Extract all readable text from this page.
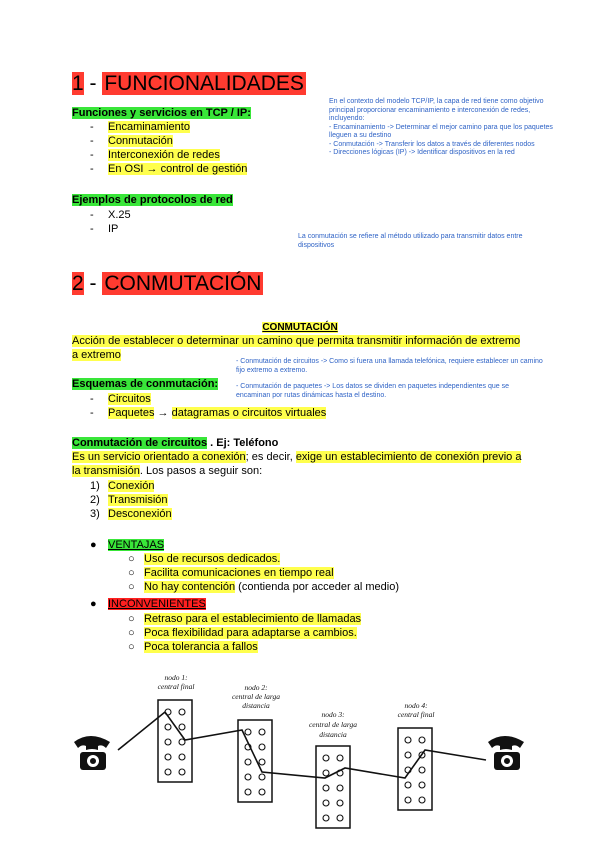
1 - FUNCIONALIDADES
Funciones y servicios en TCP / IP:
- Encaminamiento
- Conmutación
- Interconexión de redes
- En OSI → control de gestión
En el contexto del modelo TCP/IP, la capa de red tiene como objetivo
principal proporcionar encaminamiento e interconexión de redes,
incluyendo:
- Encaminamiento -> Determinar el mejor camino para que los paquetes
lleguen a su destino
- Conmutación -> Transferir los datos a través de diferentes nodos
- Direcciones lógicas (IP) -> Identificar dispositivos en la red
Ejemplos de protocolos de red
- X.25
- IP
La conmutación se refiere al método utilizado para transmitir datos entre
dispositivos
2 - CONMUTACIÓN
CONMUTACIÓN
Acción de establecer o determinar un camino que permita transmitir información de extremo
a extremo
- Conmutación de circuitos -> Como si fuera una llamada telefónica, requiere establecer un camino
fijo extremo a extremo.
Esquemas de conmutación:	- Conmutación de paquetes -> Los datos se dividen en paquetes independientes que se
encaminan por rutas dinámicas hasta el destino.
- Circuitos
- Paquetes → datagramas o circuitos virtuales
Conmutación de circuitos . Ej: Teléfono
Es un servicio orientado a conexión; es decir, exige un establecimiento de conexión previo a
la transmisión. Los pasos a seguir son:
1) Conexión
2) Transmisión
3) Desconexión
● VENTAJAS
○ Uso de recursos dedicados.
○ Facilita comunicaciones en tiempo real
○ No hay contención (contienda por acceder al medio)
● INCONVENIENTES
○ Retraso para el establecimiento de llamadas
○ Poca flexibilidad para adaptarse a cambios.
○ Poca tolerancia a fallos
nodo 1:
central final	nodo 2:
central de larga
distancia
nodo 3:
central de larga
distancia
nodo 4:
central final
